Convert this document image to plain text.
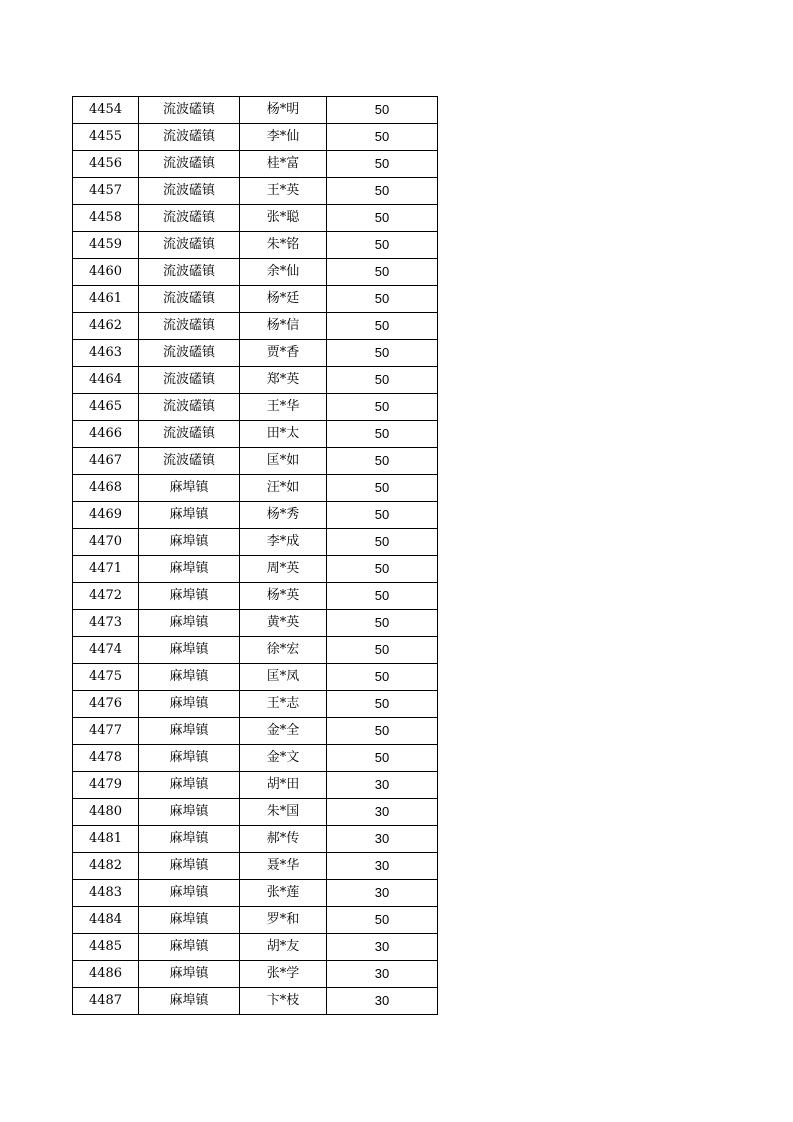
4454	流波礚镇	杨*明	50
4455	流波礚镇	李*仙	50
4456	流波礚镇	桂*富	50
4457	流波礚镇	王*英	50
4458	流波礚镇	张*聪	50
4459	流波礚镇	朱*铭	50
4460	流波礚镇	余*仙	50
4461	流波礚镇	杨*廷	50
4462	流波礚镇	杨*信	50
4463	流波礚镇	贾*香	50
4464	流波礚镇	郑*英	50
4465	流波礚镇	王*华	50
4466	流波礚镇	田*太	50
4467	流波礚镇	匡*如	50
4468	麻埠镇	汪*如	50
4469	麻埠镇	杨*秀	50
4470	麻埠镇	李*成	50
4471	麻埠镇	周*英	50
4472	麻埠镇	杨*英	50
4473	麻埠镇	黄*英	50
4474	麻埠镇	徐*宏	50
4475	麻埠镇	匡*凤	50
4476	麻埠镇	王*志	50
4477	麻埠镇	金*全	50
4478	麻埠镇	金*文	50
4479	麻埠镇	胡*田	30
4480	麻埠镇	朱*国	30
4481	麻埠镇	郝*传	30
4482	麻埠镇	聂*华	30
4483	麻埠镇	张*莲	30
4484	麻埠镇	罗*和	50
4485	麻埠镇	胡*友	30
4486	麻埠镇	张*学	30
4487	麻埠镇	卞*枝	30
